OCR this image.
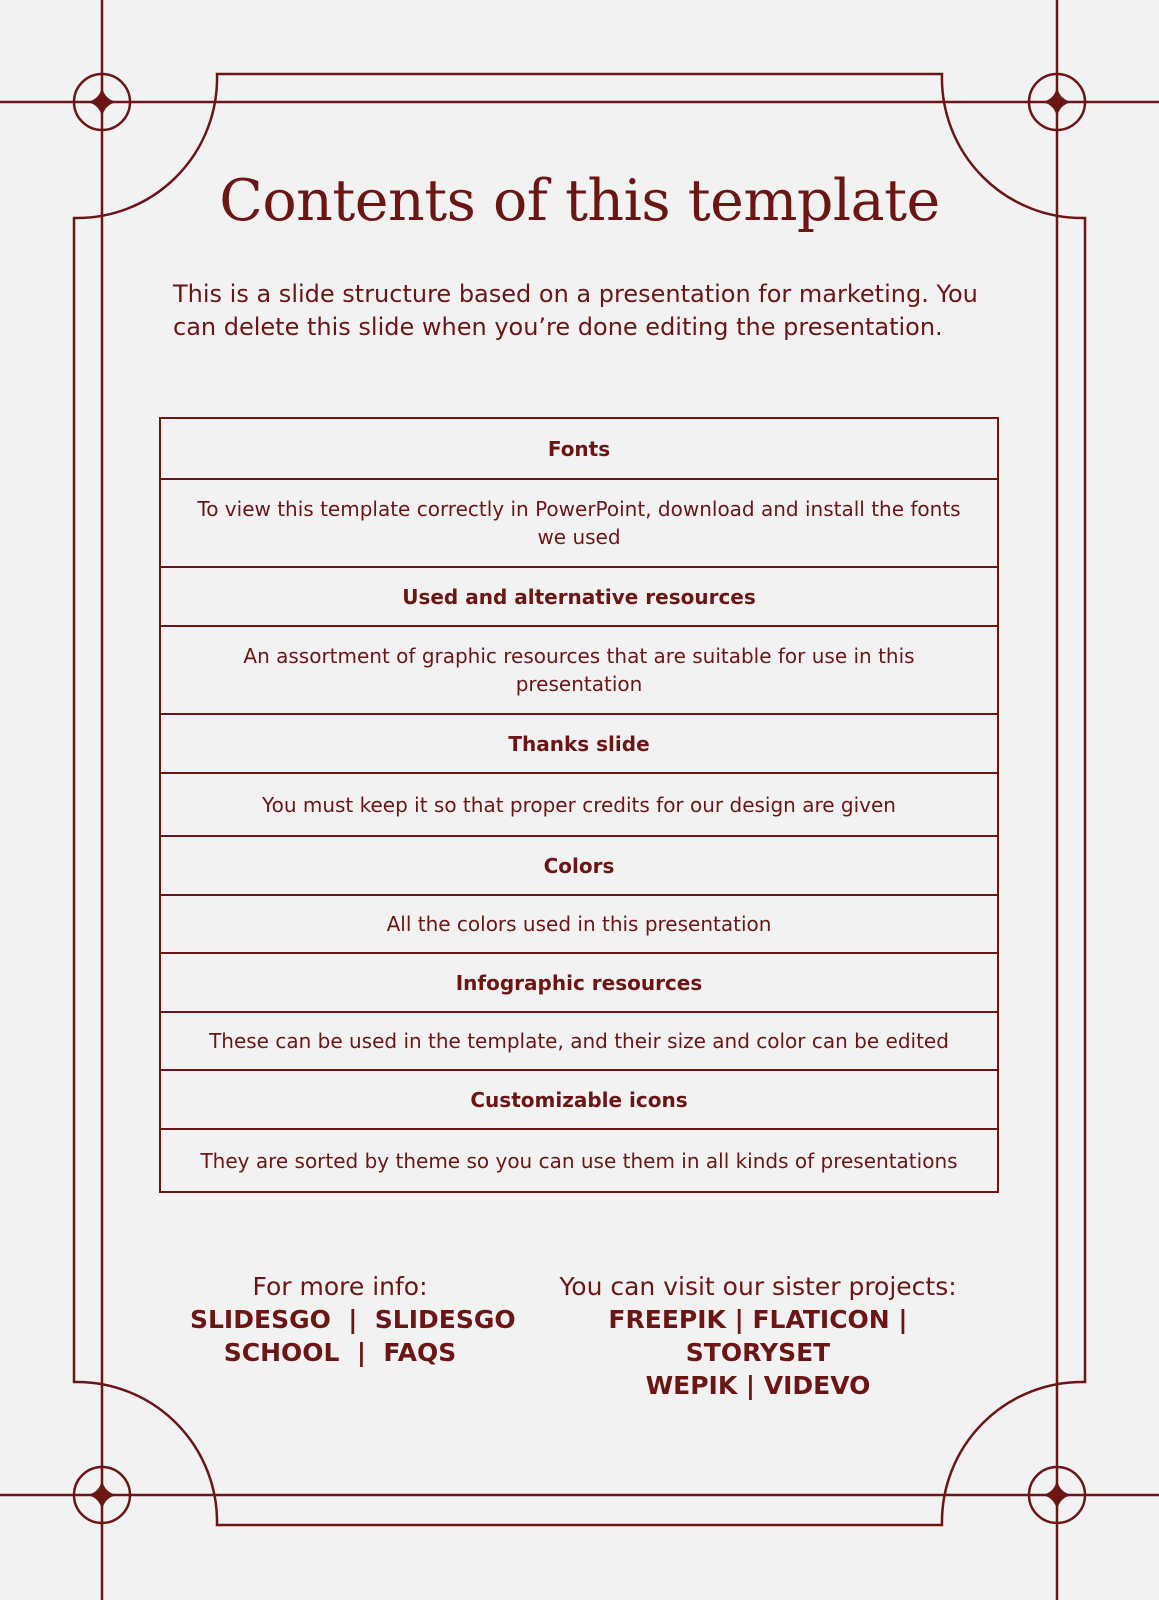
Contents of this template

This is a slide structure based on a presentation for marketing. You can delete this slide when you’re done editing the presentation.

Fonts
To view this template correctly in PowerPoint, download and install the fonts we used
Used and alternative resources
An assortment of graphic resources that are suitable for use in this presentation
Thanks slide
You must keep it so that proper credits for our design are given
Colors
All the colors used in this presentation
Infographic resources
These can be used in the template, and their size and color can be edited
Customizable icons
They are sorted by theme so you can use them in all kinds of presentations
For more info:
SLIDESGO  |  SLIDESGO
SCHOOL  |  FAQS
You can visit our sister projects:
FREEPIK | FLATICON | STORYSET
WEPIK | VIDEVO
